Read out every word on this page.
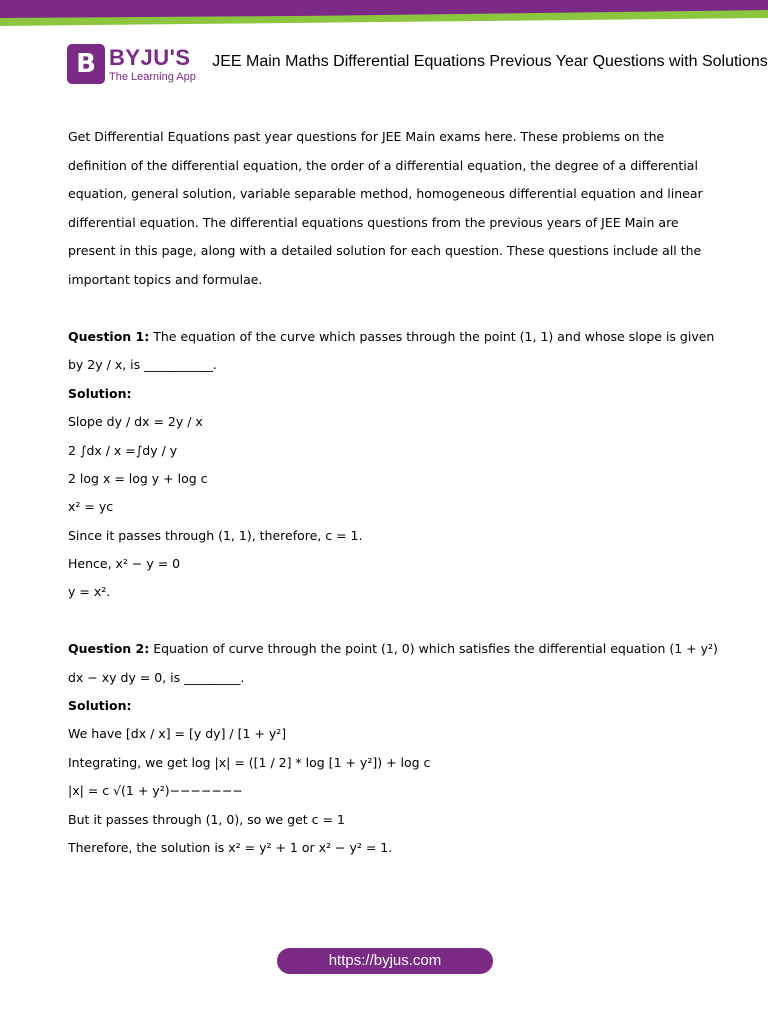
B BYJU'S
The Learning App
JEE Main Maths Differential Equations Previous Year Questions with Solutions

Get Differential Equations past year questions for JEE Main exams here. These problems on the definition of the differential equation, the order of a differential equation, the degree of a differential equation, general solution, variable separable method, homogeneous differential equation and linear differential equation. The differential equations questions from the previous years of JEE Main are present in this page, along with a detailed solution for each question. These questions include all the important topics and formulae.

Question 1: The equation of the curve which passes through the point (1, 1) and whose slope is given
by 2y / x, is ___________.
Solution:
Slope dy / dx = 2y / x
2 ∫dx / x =∫dy / y
2 log x = log y + log c
x² = yc
Since it passes through (1, 1), therefore, c = 1.
Hence, x² − y = 0
y = x².
Question 2: Equation of curve through the point (1, 0) which satisfies the differential equation (1 + y²)
dx − xy dy = 0, is _________.
Solution:
We have [dx / x] = [y dy] / [1 + y²]
Integrating, we get log |x| = ([1 / 2] * log [1 + y²]) + log c
|x| = c √(1 + y²)−−−−−−−
But it passes through (1, 0), so we get c = 1
Therefore, the solution is x² = y² + 1 or x² − y² = 1.
https://byjus.com
